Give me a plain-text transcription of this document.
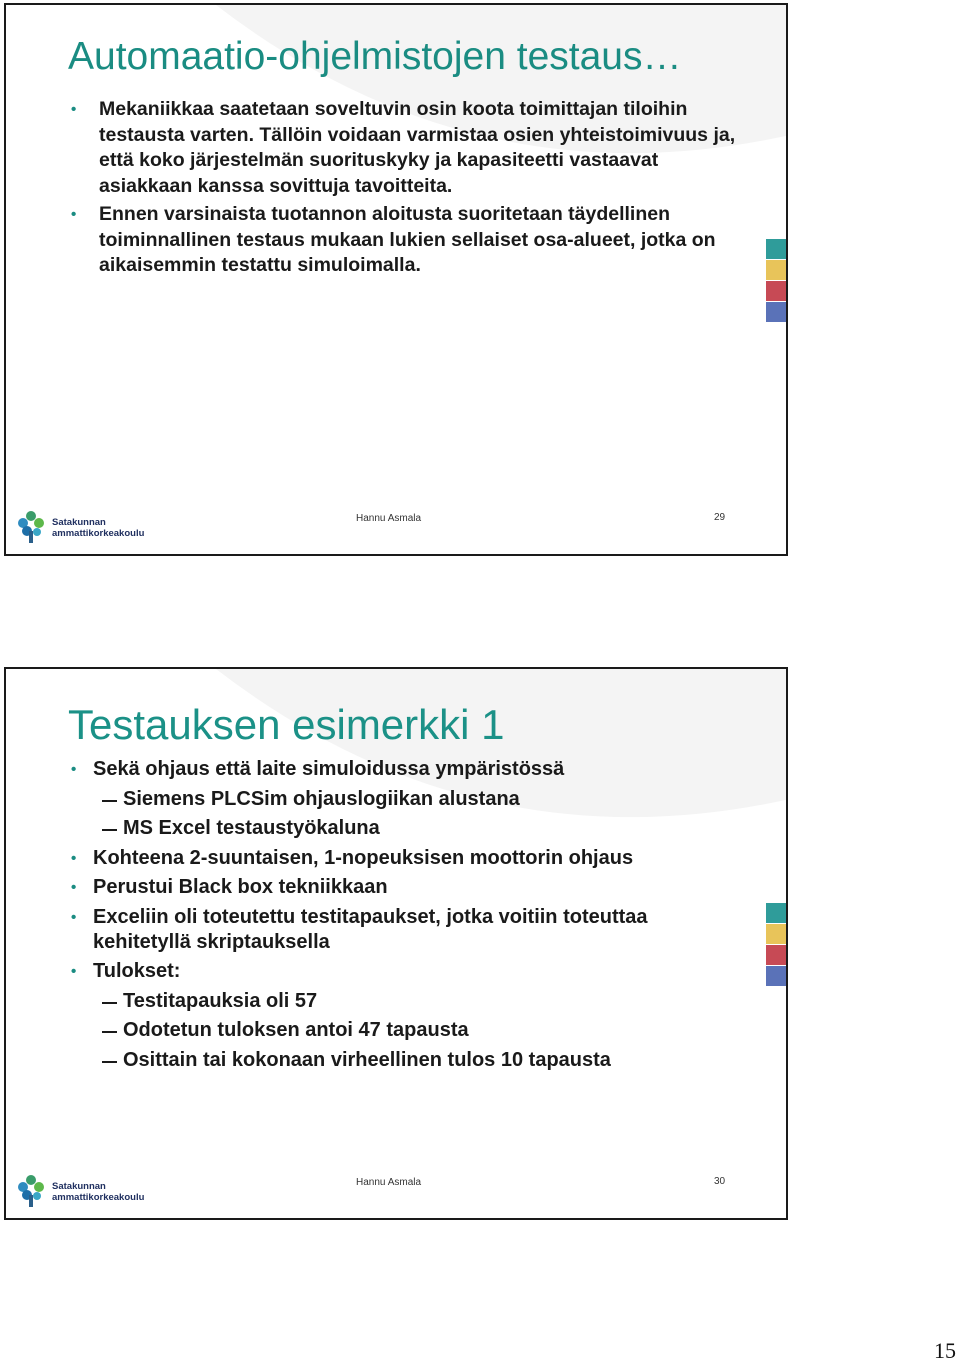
Automaatio-ohjelmistojen testaus…
• Mekaniikkaa saatetaan soveltuvin osin koota toimittajan tiloihin testausta varten. Tällöin voidaan varmistaa osien yhteistoimivuus ja, että koko järjestelmän suorituskyky ja kapasiteetti vastaavat asiakkaan kanssa sovittuja tavoitteita.
• Ennen varsinaista tuotannon aloitusta suoritetaan täydellinen toiminnallinen testaus mukaan lukien sellaiset osa-alueet, jotka on aikaisemmin testattu simuloimalla.
Satakunnan
ammattikorkeakoulu
Hannu Asmala	29
Testauksen esimerkki 1
• Sekä ohjaus että laite simuloidussa ympäristössä
Siemens PLCSim ohjauslogiikan alustana
MS Excel testaustyökaluna
• Kohteena 2-suuntaisen, 1-nopeuksisen moottorin ohjaus
• Perustui Black box tekniikkaan
• Exceliin oli toteutettu testitapaukset, jotka voitiin toteuttaa kehitetyllä skriptauksella
• Tulokset:
Testitapauksia oli 57
Odotetun tuloksen antoi 47 tapausta
Osittain tai kokonaan virheellinen tulos 10 tapausta
Satakunnan
ammattikorkeakoulu
Hannu Asmala	30
15
